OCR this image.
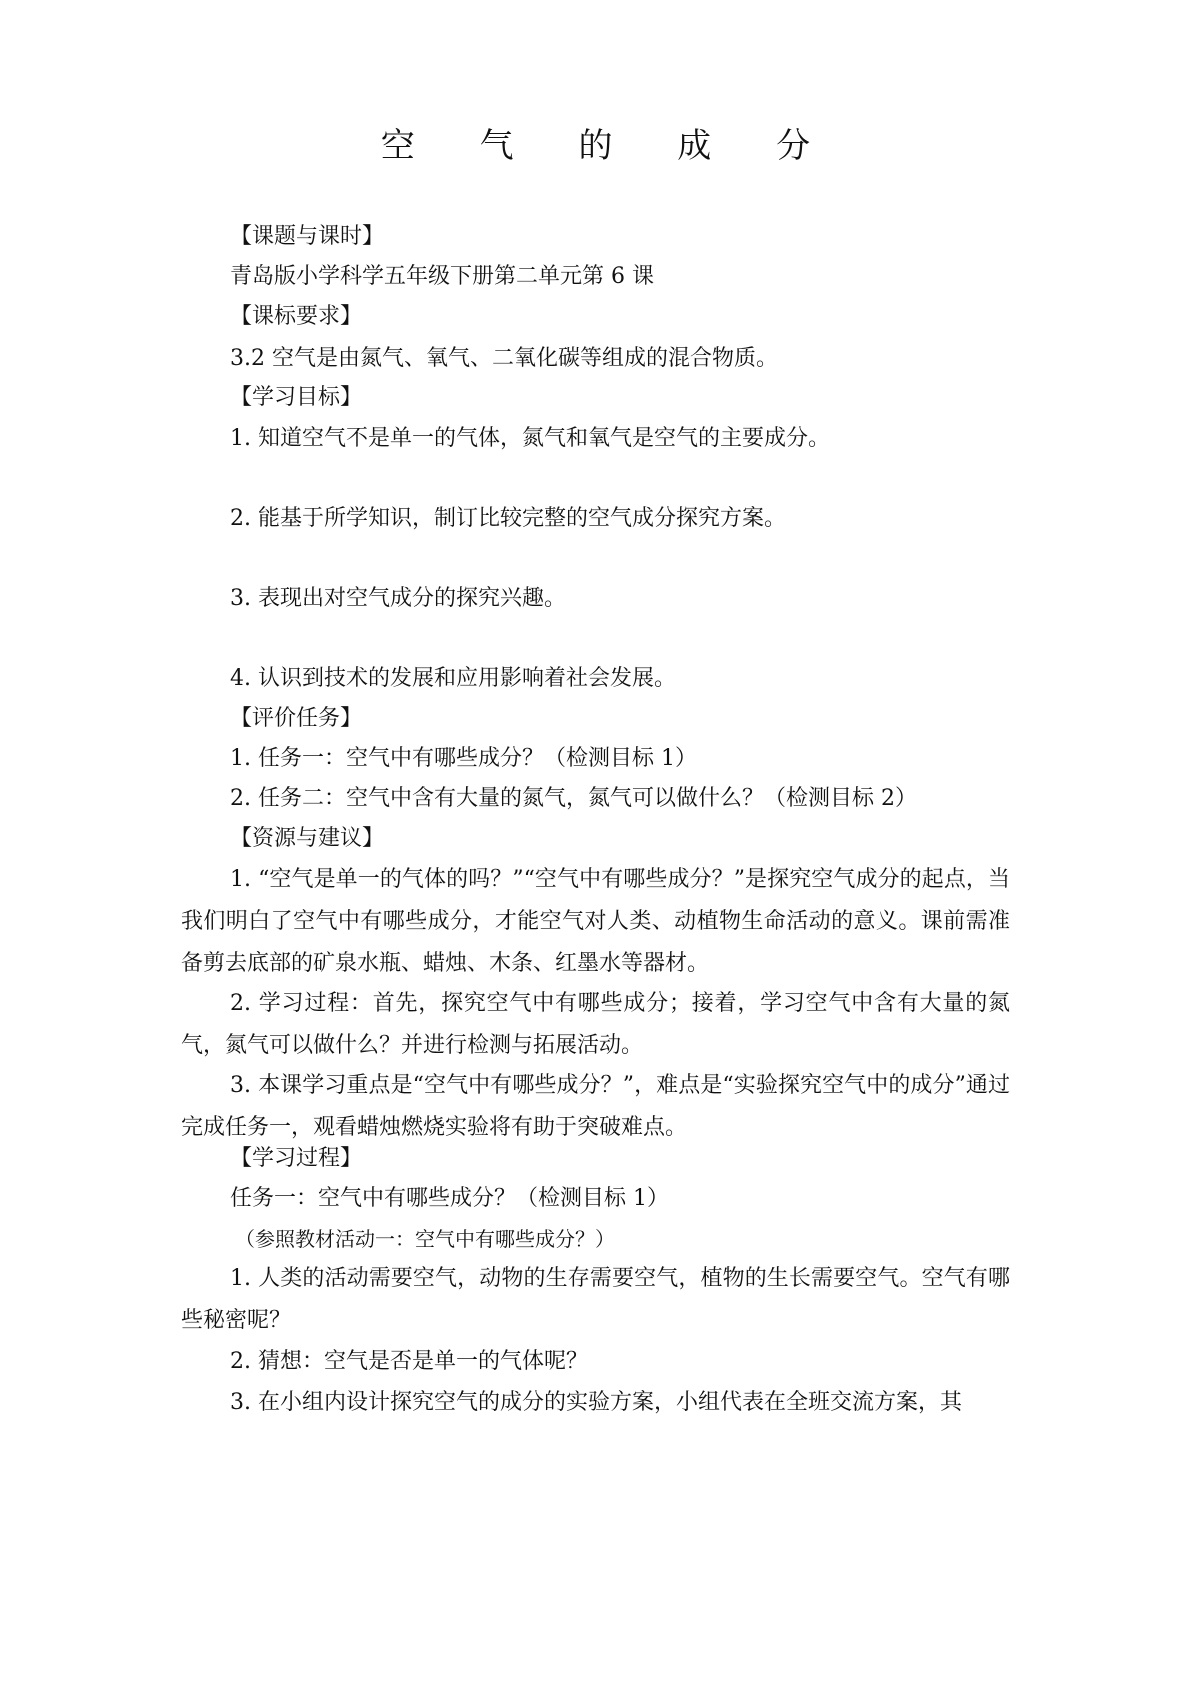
空 气 的 成 分
【课题与课时】
青岛版小学科学五年级下册第二单元第 6 课
【课标要求】
3.2 空气是由氮气、氧气、二氧化碳等组成的混合物质。
【学习目标】
1. 知道空气不是单一的气体，氮气和氧气是空气的主要成分。
2. 能基于所学知识，制订比较完整的空气成分探究方案。
3. 表现出对空气成分的探究兴趣。
4. 认识到技术的发展和应用影响着社会发展。
【评价任务】
1. 任务一：空气中有哪些成分？（检测目标 1）
2. 任务二：空气中含有大量的氮气，氮气可以做什么？（检测目标 2）
【资源与建议】
1. “空气是单一的气体的吗？”“空气中有哪些成分？”是探究空气成分的起点，当我们明白了空气中有哪些成分，才能空气对人类、动植物生命活动的意义。课前需准备剪去底部的矿泉水瓶、蜡烛、木条、红墨水等器材。
2. 学习过程：首先，探究空气中有哪些成分；接着，学习空气中含有大量的氮气，氮气可以做什么？并进行检测与拓展活动。
3. 本课学习重点是“空气中有哪些成分？”，难点是“实验探究空气中的成分”通过完成任务一，观看蜡烛燃烧实验将有助于突破难点。
【学习过程】
任务一：空气中有哪些成分？（检测目标 1）
（参照教材活动一：空气中有哪些成分？）
1. 人类的活动需要空气，动物的生存需要空气，植物的生长需要空气。空气有哪些秘密呢？
2. 猜想：空气是否是单一的气体呢？
3. 在小组内设计探究空气的成分的实验方案，小组代表在全班交流方案，其
